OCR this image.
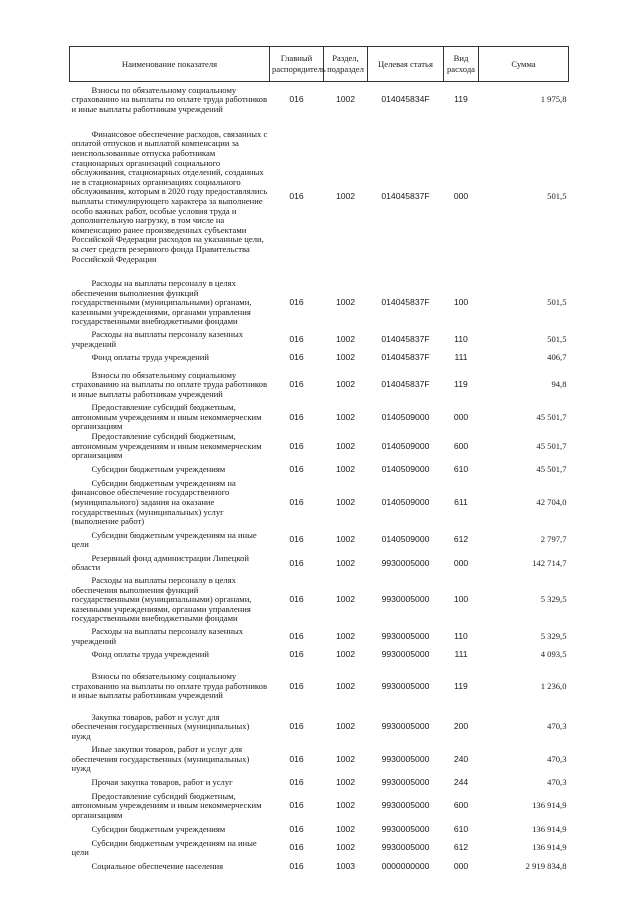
Наименование показателя	Главный распорядитель	Раздел, подраздел	Целевая статья	Вид расхода	Сумма

Взносы по обязательному социальному страхованию на выплаты по оплате труда работников и иные выплаты работникам учреждений	016	1002	014045834F	119	1 975,8

Финансовое обеспечение расходов, связанных с оплатой отпусков и выплатой компенсации за неиспользованные отпуска работникам стационарных организаций социального обслуживания, стационарных отделений, созданных не в стационарных организациях социального обслуживания, которым в 2020 году предоставлялись выплаты стимулирующего характера за выполнение особо важных работ, особые условия труда и дополнительную нагрузку, в том числе на компенсацию ранее произведенных субъектами Российской Федерации расходов на указанные цели, за счет средств резервного фонда Правительства Российской Федерации	016	1002	014045837F	000	501,5

Расходы на выплаты персоналу в целях обеспечения выполнения функций государственными (муниципальными) органами, казенными учреждениями, органами управления государственными внебюджетными фондами	016	1002	014045837F	100	501,5

Расходы на выплаты персоналу казенных учреждений	016	1002	014045837F	110	501,5

Фонд оплаты труда учреждений	016	1002	014045837F	111	406,7

Взносы по обязательному социальному страхованию на выплаты по оплате труда работников и иные выплаты работникам учреждений	016	1002	014045837F	119	94,8

Предоставление субсидий бюджетным, автономным учреждениям и иным некоммерческим организациям	016	1002	0140509000	000	45 501,7

Предоставление субсидий бюджетным, автономным учреждениям и иным некоммерческим организациям	016	1002	0140509000	600	45 501,7

Субсидии бюджетным учреждениям	016	1002	0140509000	610	45 501,7

Субсидии бюджетным учреждениям на финансовое обеспечение государственного (муниципального) задания на оказание государственных (муниципальных) услуг (выполнение работ)	016	1002	0140509000	611	42 704,0

Субсидии бюджетным учреждениям на иные цели	016	1002	0140509000	612	2 797,7

Резервный фонд администрации Липецкой области	016	1002	9930005000	000	142 714,7

Расходы на выплаты персоналу в целях обеспечения выполнения функций государственными (муниципальными) органами, казенными учреждениями, органами управления государственными внебюджетными фондами	016	1002	9930005000	100	5 329,5

Расходы на выплаты персоналу казенных учреждений	016	1002	9930005000	110	5 329,5

Фонд оплаты труда учреждений	016	1002	9930005000	111	4 093,5

Взносы по обязательному социальному страхованию на выплаты по оплате труда работников и иные выплаты работникам учреждений	016	1002	9930005000	119	1 236,0

Закупка товаров, работ и услуг для обеспечения государственных (муниципальных) нужд	016	1002	9930005000	200	470,3

Иные закупки товаров, работ и услуг для обеспечения государственных (муниципальных) нужд	016	1002	9930005000	240	470,3

Прочая закупка товаров, работ и услуг	016	1002	9930005000	244	470,3

Предоставление субсидий бюджетным, автономным учреждениям и иным некоммерческим организациям	016	1002	9930005000	600	136 914,9

Субсидии бюджетным учреждениям	016	1002	9930005000	610	136 914,9

Субсидии бюджетным учреждениям на иные цели	016	1002	9930005000	612	136 914,9

Социальное обеспечение населения	016	1003	0000000000	000	2 919 834,8
